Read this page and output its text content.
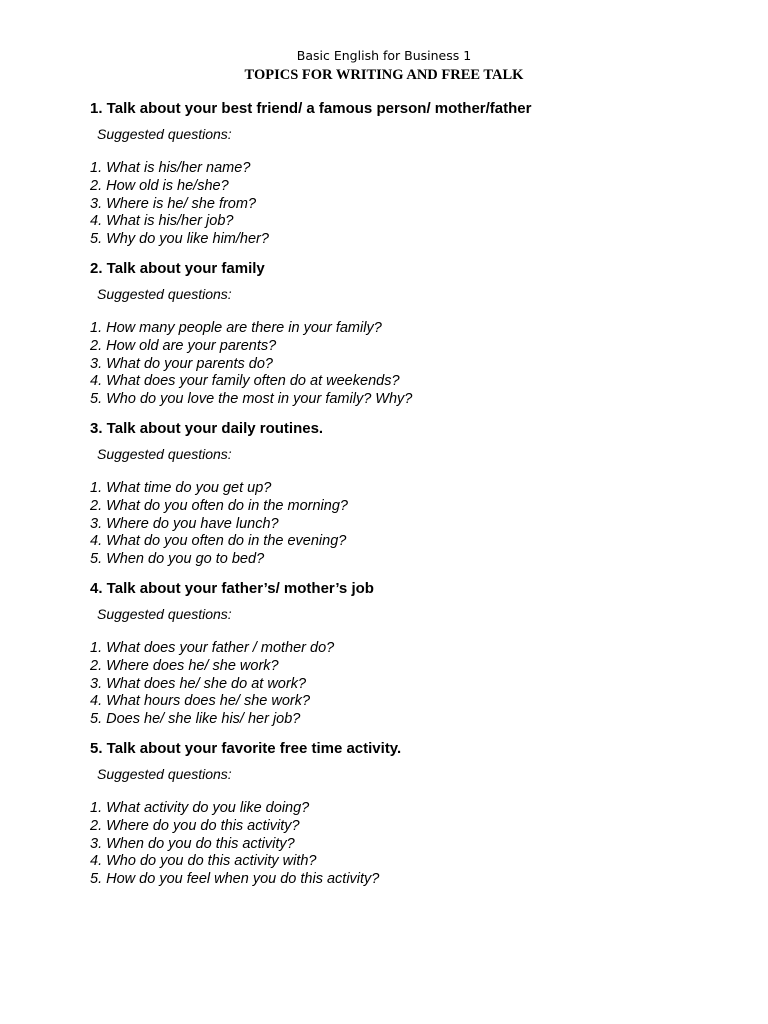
Basic English for Business 1
TOPICS FOR WRITING AND FREE TALK
1. Talk about your best friend/ a famous person/ mother/father
Suggested questions:
1. What is his/her name?
2. How old is he/she?
3. Where is he/ she from?
4. What is his/her job?
5. Why do you like him/her?
2. Talk about your family
Suggested questions:
1. How many people are there in your family?
2. How old are your parents?
3. What do your parents do?
4. What does your family often do at weekends?
5. Who do you love the most in your family? Why?
3. Talk about your daily routines.
Suggested questions:
1. What time do you get up?
2. What do you often do in the morning?
3. Where do you have lunch?
4. What do you often do in the evening?
5. When do you go to bed?
4. Talk about your father’s/ mother’s job
Suggested questions:
1. What does your father / mother do?
2. Where does he/ she work?
3. What does he/ she do at work?
4. What hours does he/ she work?
5. Does he/ she like his/ her job?
5. Talk about your favorite free time activity.
Suggested questions:
1. What activity do you like doing?
2. Where do you do this activity?
3. When do you do this activity?
4. Who do you do this activity with?
5. How do you feel when you do this activity?
